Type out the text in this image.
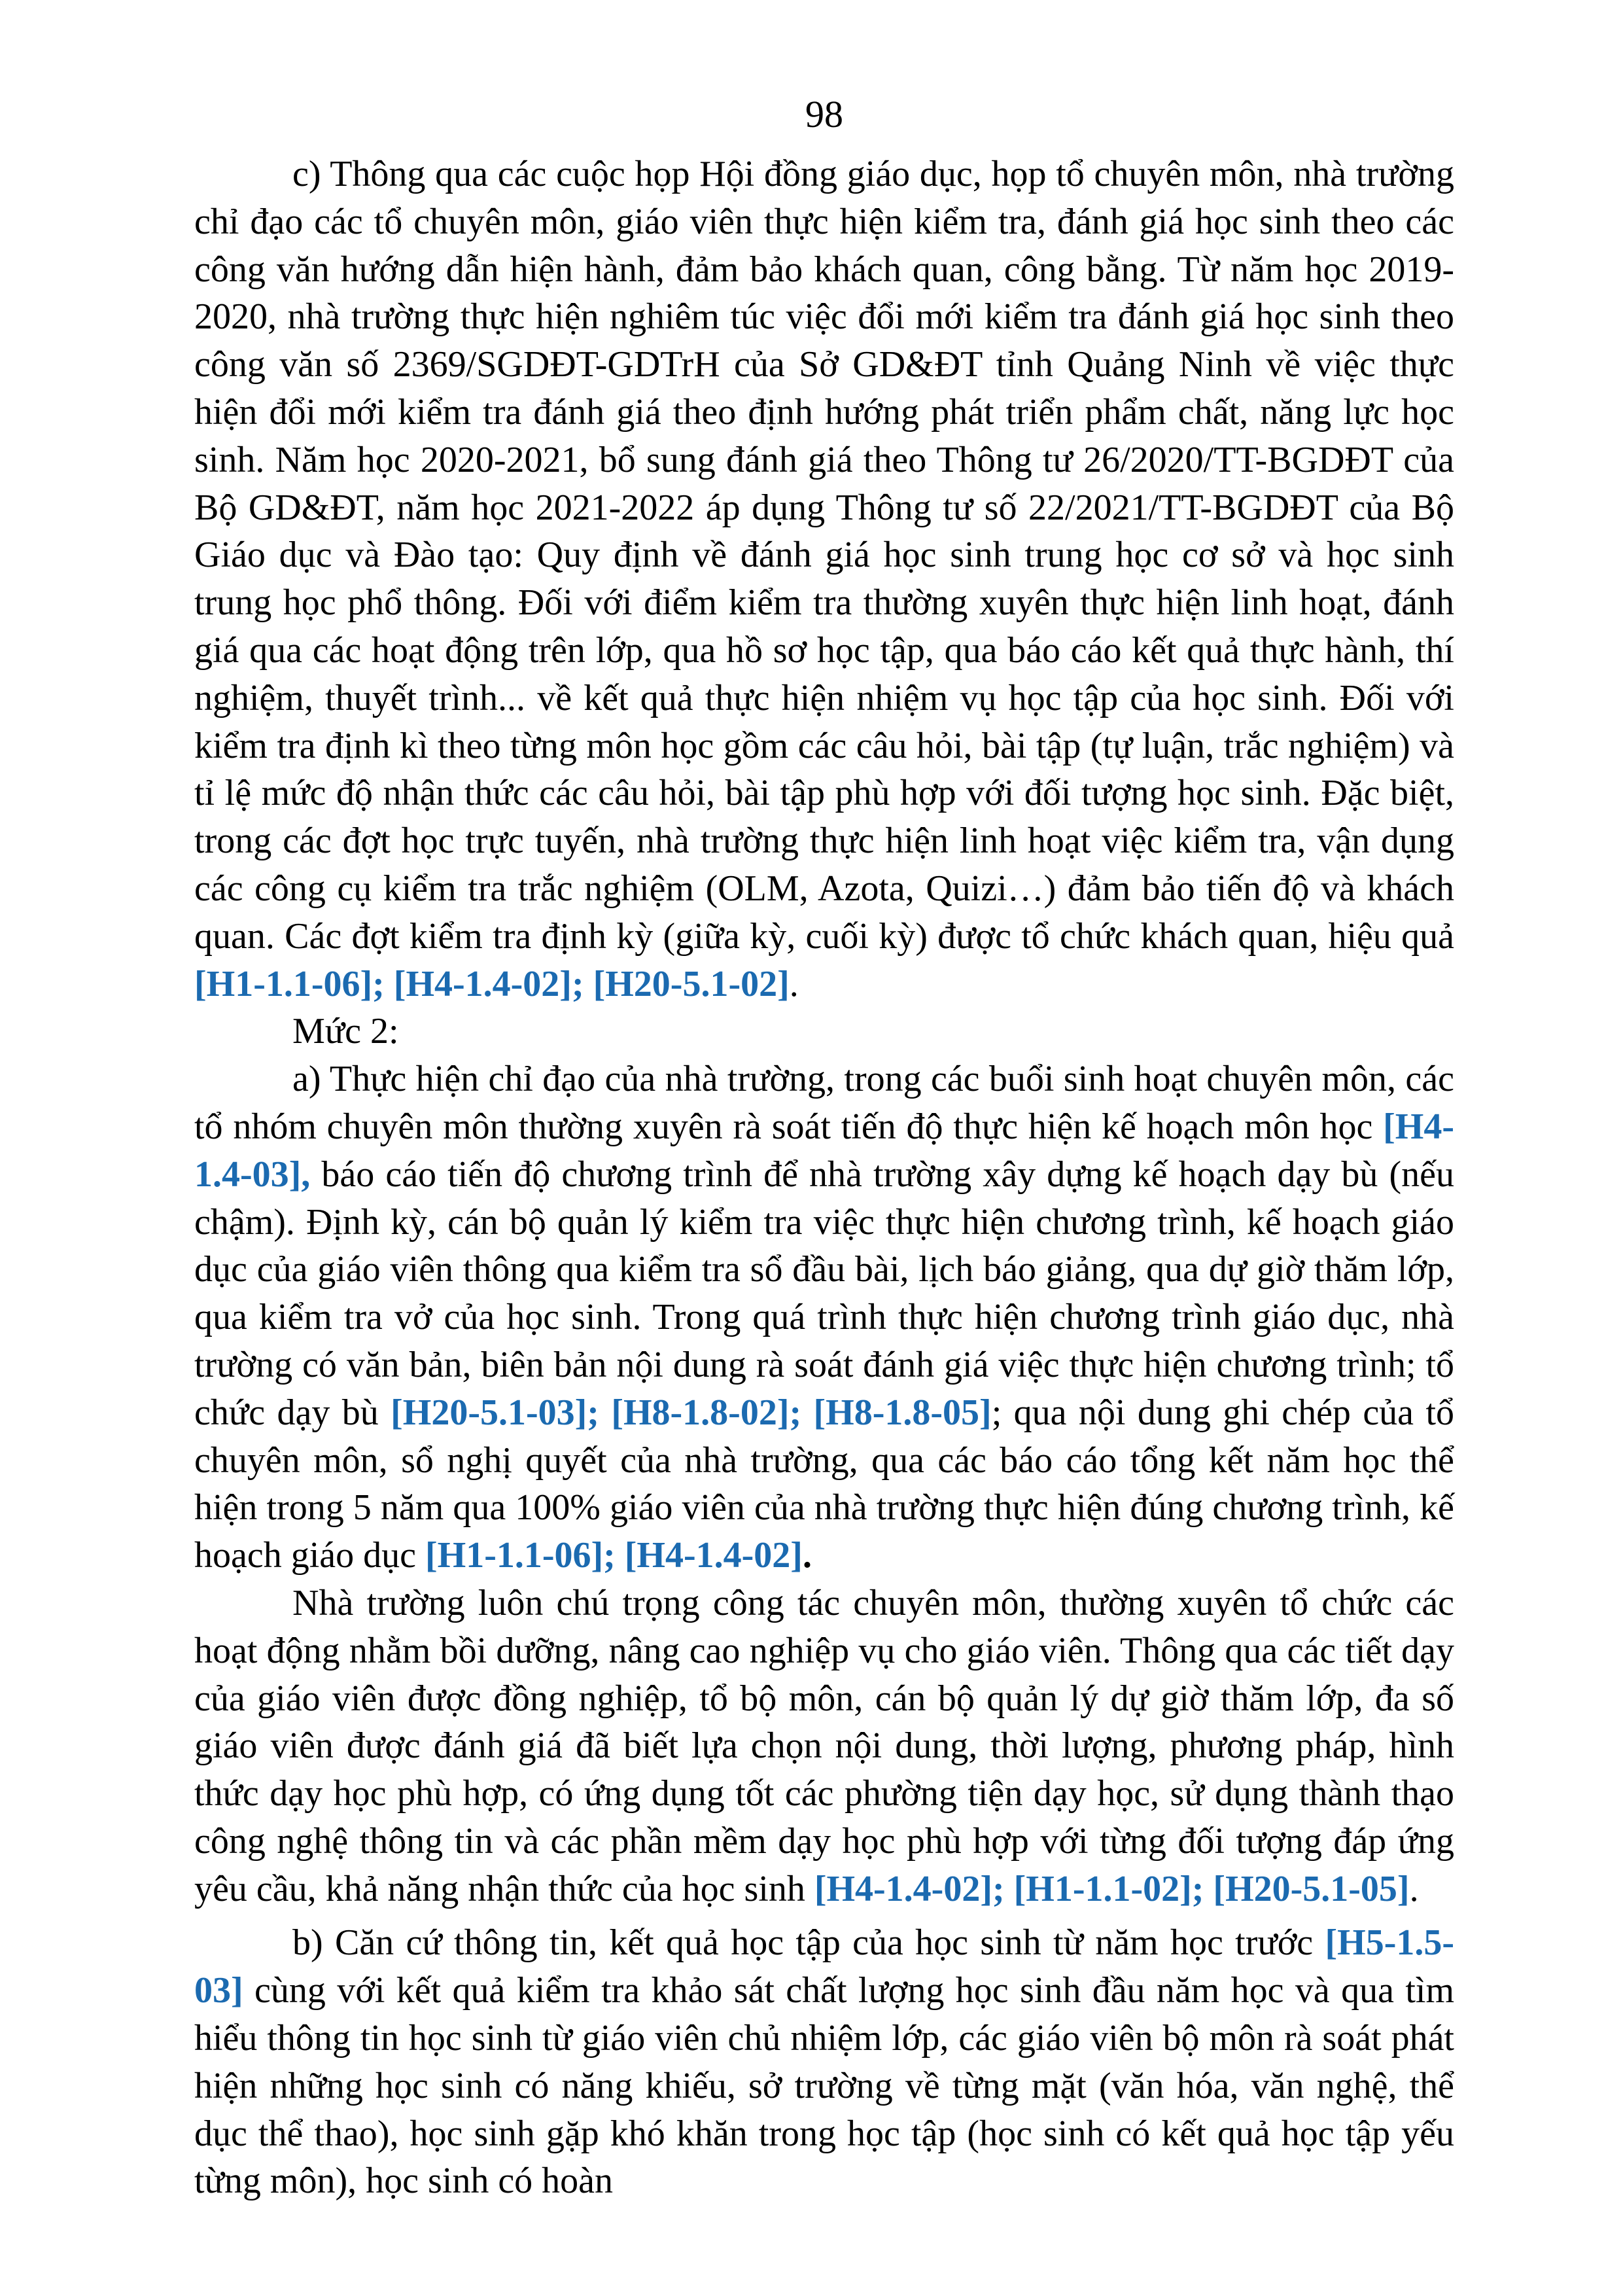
98

c) Thông qua các cuộc họp Hội đồng giáo dục, họp tổ chuyên môn, nhà trường chỉ đạo các tổ chuyên môn, giáo viên thực hiện kiểm tra, đánh giá học sinh theo các công văn hướng dẫn hiện hành, đảm bảo khách quan, công bằng. Từ năm học 2019-2020, nhà trường thực hiện nghiêm túc việc đổi mới kiểm tra đánh giá học sinh theo công văn số 2369/SGDĐT-GDTrH của Sở GD&ĐT tỉnh Quảng Ninh về việc thực hiện đổi mới kiểm tra đánh giá theo định hướng phát triển phẩm chất, năng lực học sinh. Năm học 2020-2021, bổ sung đánh giá theo Thông tư 26/2020/TT-BGDĐT của Bộ GD&ĐT, năm học 2021-2022 áp dụng Thông tư số 22/2021/TT-BGDĐT của Bộ Giáo dục và Đào tạo: Quy định về đánh giá học sinh trung học cơ sở và học sinh trung học phổ thông. Đối với điểm kiểm tra thường xuyên thực hiện linh hoạt, đánh giá qua các hoạt động trên lớp, qua hồ sơ học tập, qua báo cáo kết quả thực hành, thí nghiệm, thuyết trình... về kết quả thực hiện nhiệm vụ học tập của học sinh. Đối với kiểm tra định kì theo từng môn học gồm các câu hỏi, bài tập (tự luận, trắc nghiệm) và tỉ lệ mức độ nhận thức các câu hỏi, bài tập phù hợp với đối tượng học sinh. Đặc biệt, trong các đợt học trực tuyến, nhà trường thực hiện linh hoạt việc kiểm tra, vận dụng các công cụ kiểm tra trắc nghiệm (OLM, Azota, Quizi…) đảm bảo tiến độ và khách quan. Các đợt kiểm tra định kỳ (giữa kỳ, cuối kỳ) được tổ chức khách quan, hiệu quả [H1-1.1-06]; [H4-1.4-02]; [H20-5.1-02].

Mức 2:

a) Thực hiện chỉ đạo của nhà trường, trong các buổi sinh hoạt chuyên môn, các tổ nhóm chuyên môn thường xuyên rà soát tiến độ thực hiện kế hoạch môn học [H4-1.4-03], báo cáo tiến độ chương trình để nhà trường xây dựng kế hoạch dạy bù (nếu chậm). Định kỳ, cán bộ quản lý kiểm tra việc thực hiện chương trình, kế hoạch giáo dục của giáo viên thông qua kiểm tra sổ đầu bài, lịch báo giảng, qua dự giờ thăm lớp, qua kiểm tra vở của học sinh. Trong quá trình thực hiện chương trình giáo dục, nhà trường có văn bản, biên bản nội dung rà soát đánh giá việc thực hiện chương trình; tổ chức dạy bù [H20-5.1-03]; [H8-1.8-02]; [H8-1.8-05]; qua nội dung ghi chép của tổ chuyên môn, sổ nghị quyết của nhà trường, qua các báo cáo tổng kết năm học thể hiện trong 5 năm qua 100% giáo viên của nhà trường thực hiện đúng chương trình, kế hoạch giáo dục [H1-1.1-06]; [H4-1.4-02].

Nhà trường luôn chú trọng công tác chuyên môn, thường xuyên tổ chức các hoạt động nhằm bồi dưỡng, nâng cao nghiệp vụ cho giáo viên. Thông qua các tiết dạy của giáo viên được đồng nghiệp, tổ bộ môn, cán bộ quản lý dự giờ thăm lớp, đa số giáo viên được đánh giá đã biết lựa chọn nội dung, thời lượng, phương pháp, hình thức dạy học phù hợp, có ứng dụng tốt các phường tiện dạy học, sử dụng thành thạo công nghệ thông tin và các phần mềm dạy học phù hợp với từng đối tượng đáp ứng yêu cầu, khả năng nhận thức của học sinh [H4-1.4-02]; [H1-1.1-02]; [H20-5.1-05].

b) Căn cứ thông tin, kết quả học tập của học sinh từ năm học trước [H5-1.5-03] cùng với kết quả kiểm tra khảo sát chất lượng học sinh đầu năm học và qua tìm hiểu thông tin học sinh từ giáo viên chủ nhiệm lớp, các giáo viên bộ môn rà soát phát hiện những học sinh có năng khiếu, sở trường về từng mặt (văn hóa, văn nghệ, thể dục thể thao), học sinh gặp khó khăn trong học tập (học sinh có kết quả học tập yếu từng môn), học sinh có hoàn
